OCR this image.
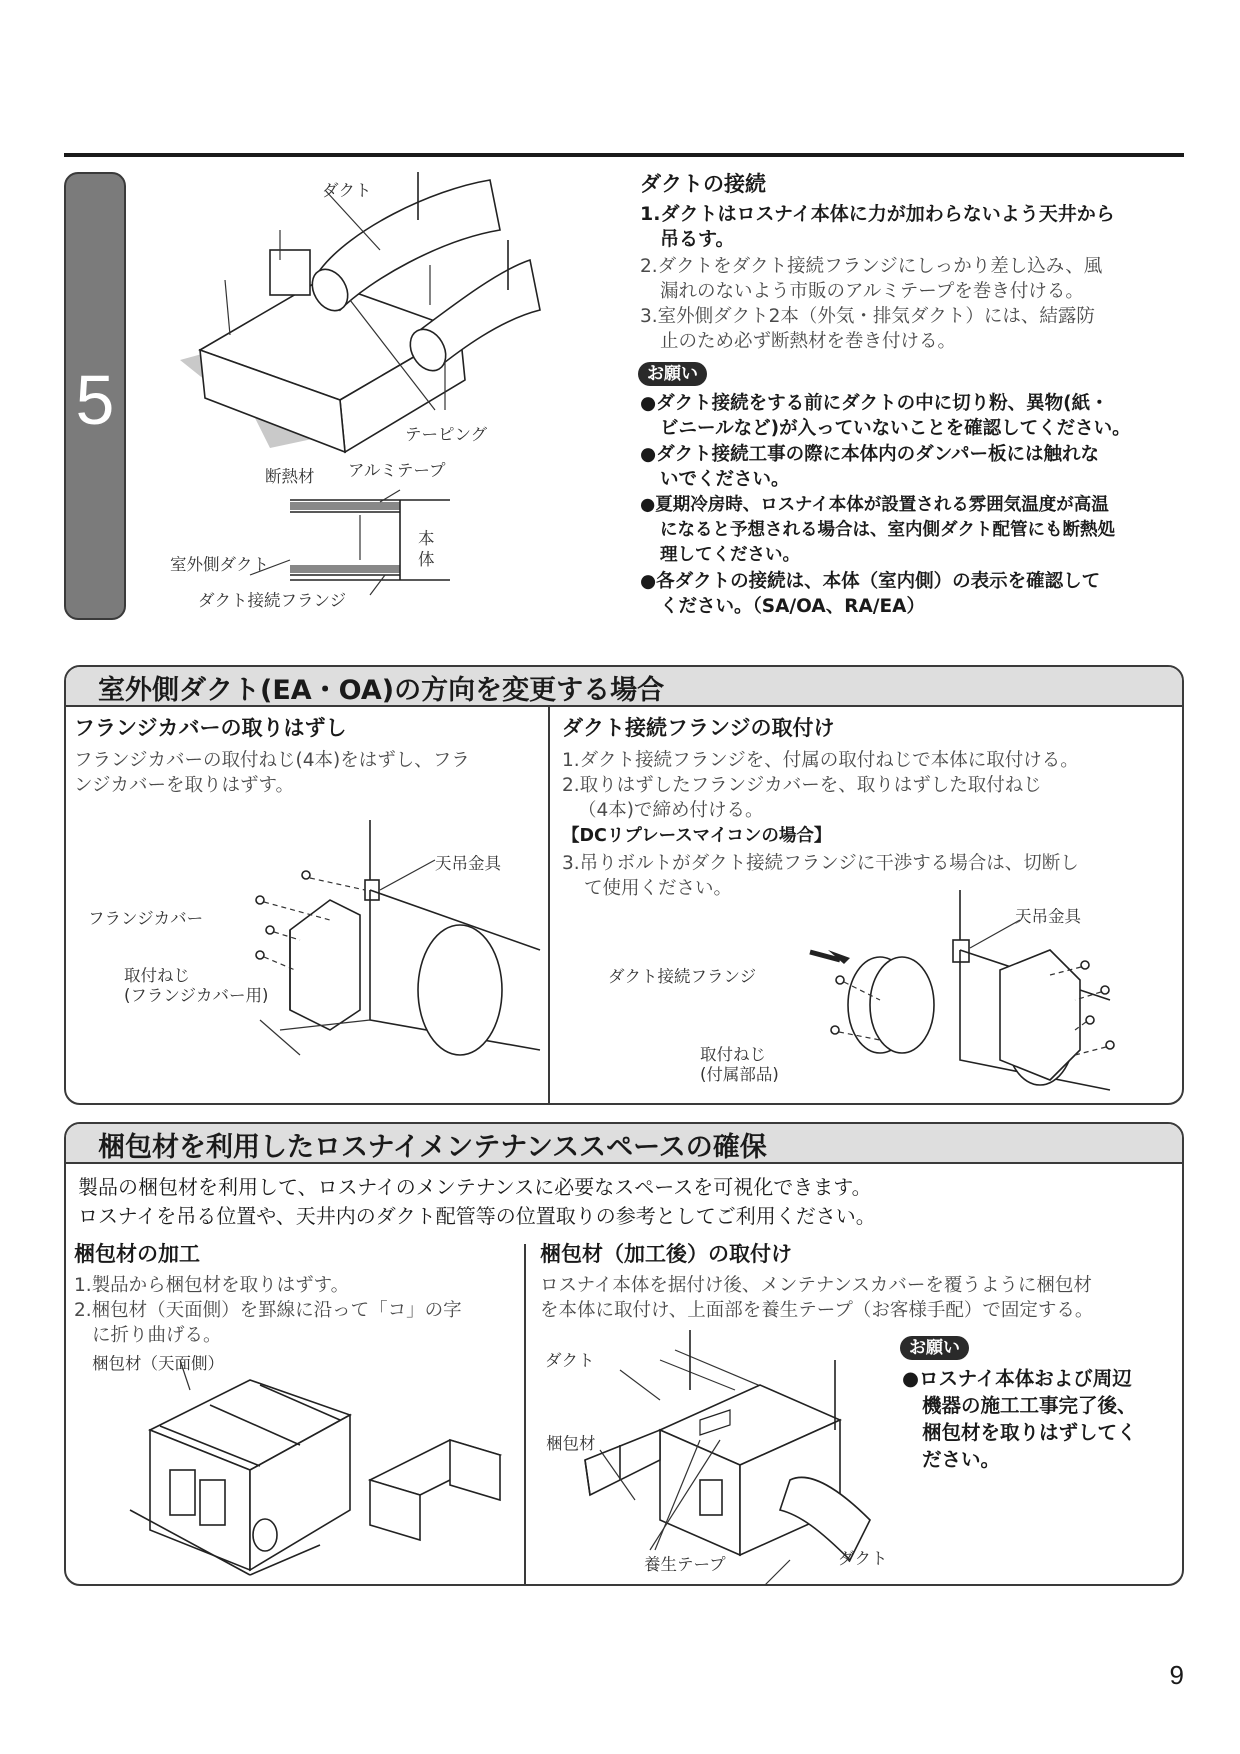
5
ダクト
テーピング
断熱材 アルミテープ
本体
室外側ダクト
ダクト接続フランジ
ダクトの接続
1.ダクトはロスナイ本体に力が加わらないよう天井から
吊るす。
2.ダクトをダクト接続フランジにしっかり差し込み、風
漏れのないよう市販のアルミテープを巻き付ける。
3.室外側ダクト2本（外気・排気ダクト）には、結露防
止のため必ず断熱材を巻き付ける。
お願い
●ダクト接続をする前にダクトの中に切り粉、異物(紙・
ビニールなど)が入っていないことを確認してください。
●ダクト接続工事の際に本体内のダンパー板には触れな
いでください。
●夏期冷房時、ロスナイ本体が設置される雰囲気温度が高温
になると予想される場合は、室内側ダクト配管にも断熱処
理してください。
●各ダクトの接続は、本体（室内側）の表示を確認して
ください。（SA/OA、RA/EA）
室外側ダクト(EA・OA)の方向を変更する場合
フランジカバーの取りはずし
フランジカバーの取付ねじ(4本)をはずし、フラ
ンジカバーを取りはずす。
天吊金具
フランジカバー
取付ねじ
(フランジカバー用)
ダクト接続フランジの取付け
1.ダクト接続フランジを、付属の取付ねじで本体に取付ける。
2.取りはずしたフランジカバーを、取りはずした取付ねじ
（4本)で締め付ける。
【DCリプレースマイコンの場合】
3.吊りボルトがダクト接続フランジに干渉する場合は、切断し
て使用ください。
天吊金具
ダクト接続フランジ
取付ねじ
(付属部品)
梱包材を利用したロスナイメンテナンススペースの確保
製品の梱包材を利用して、ロスナイのメンテナンスに必要なスペースを可視化できます。
ロスナイを吊る位置や、天井内のダクト配管等の位置取りの参考としてご利用ください。
梱包材の加工
1.製品から梱包材を取りはずす。
2.梱包材（天面側）を罫線に沿って「コ」の字
に折り曲げる。
梱包材（天面側）
梱包材（加工後）の取付け
ロスナイ本体を据付け後、メンテナンスカバーを覆うように梱包材
を本体に取付け、上面部を養生テープ（お客様手配）で固定する。
お願い
●ロスナイ本体および周辺
機器の施工工事完了後、
梱包材を取りはずしてく
ださい。
ダクト
梱包材
養生テープ	ダクト
9
